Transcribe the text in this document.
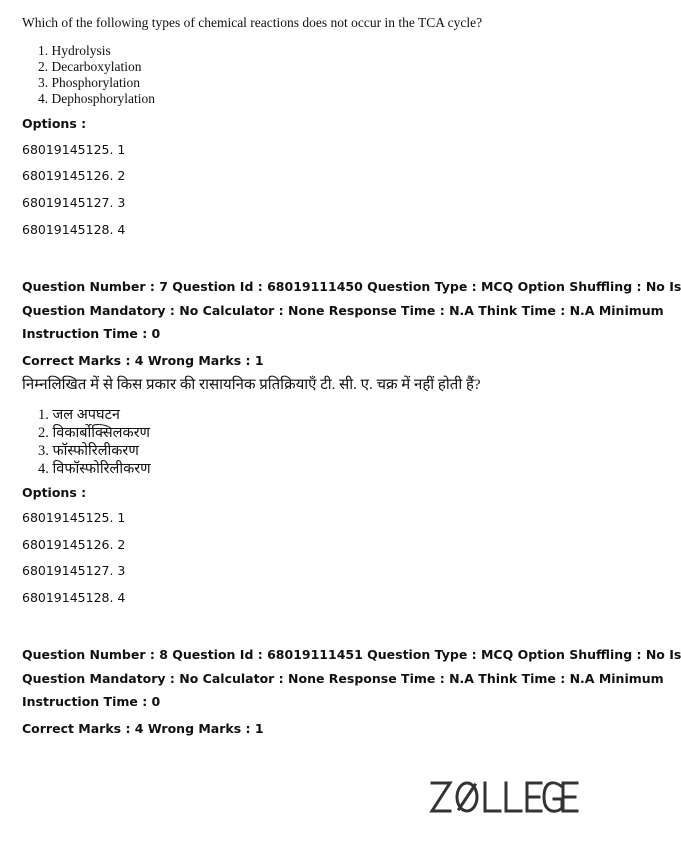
Which of the following types of chemical reactions does not occur in the TCA cycle?
1. Hydrolysis
2. Decarboxylation
3. Phosphorylation
4. Dephosphorylation
Options :
68019145125. 1
68019145126. 2
68019145127. 3
68019145128. 4
Question Number : 7 Question Id : 68019111450 Question Type : MCQ Option Shuffling : No Is
Question Mandatory : No Calculator : None Response Time : N.A Think Time : N.A Minimum
Instruction Time : 0
Correct Marks : 4 Wrong Marks : 1
निम्नलिखित में से किस प्रकार की रासायनिक प्रतिक्रियाएँ टी. सी. ए. चक्र में नहीं होती हैं?
1. जल अपघटन
2. विकार्बोक्सिलकरण
3. फॉस्फोरिलीकरण
4. विफॉस्फोरिलीकरण
Options :
68019145125. 1
68019145126. 2
68019145127. 3
68019145128. 4
Question Number : 8 Question Id : 68019111451 Question Type : MCQ Option Shuffling : No Is
Question Mandatory : No Calculator : None Response Time : N.A Think Time : N.A Minimum
Instruction Time : 0
Correct Marks : 4 Wrong Marks : 1
